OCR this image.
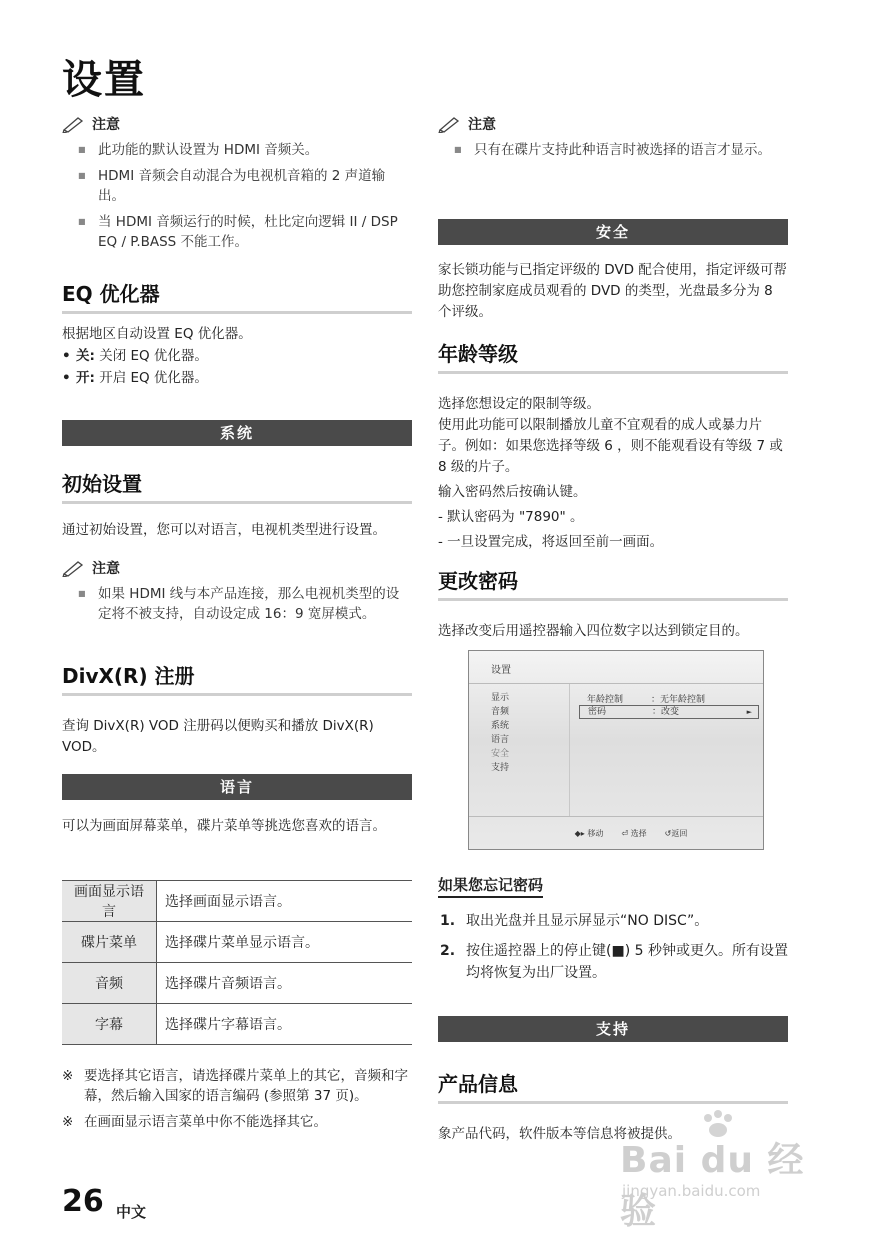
设置
注意
■ 此功能的默认设置为 HDMI 音频关。
■ HDMI 音频会自动混合为电视机音箱的 2 声道输出。
■ 当 HDMI 音频运行的时候，杜比定向逻辑 II / DSP EQ / P.BASS 不能工作。
EQ 优化器
根据地区自动设置 EQ 优化器。
• 关: 关闭 EQ 优化器。
• 开: 开启 EQ 优化器。
系统
初始设置
通过初始设置，您可以对语言，电视机类型进行设置。
注意
■ 如果 HDMI 线与本产品连接，那么电视机类型的设定将不被支持，自动设定成 16：9 宽屏模式。
DivX(R) 注册
查询 DivX(R) VOD 注册码以便购买和播放 DivX(R) VOD。
语言
可以为画面屏幕菜单，碟片菜单等挑选您喜欢的语言。
画面显示语言	选择画面显示语言。
碟片菜单	选择碟片菜单显示语言。
音频	选择碟片音频语言。
字幕	选择碟片字幕语言。
※ 要选择其它语言，请选择碟片菜单上的其它，音频和字幕，然后输入国家的语言编码 (参照第 37 页)。
※ 在画面显示语言菜单中你不能选择其它。
注意
■ 只有在碟片支持此种语言时被选择的语言才显示。
安全
家长锁功能与已指定评级的 DVD 配合使用，指定评级可帮助您控制家庭成员观看的 DVD 的类型，光盘最多分为 8 个评级。
年龄等级
选择您想设定的限制等级。
使用此功能可以限制播放儿童不宜观看的成人或暴力片子。例如：如果您选择等级 6 ，则不能观看设有等级 7 或 8 级的片子。
输入密码然后按确认键。
- 默认密码为 "7890" 。
- 一旦设置完成，将返回至前一画面。
更改密码
选择改变后用遥控器输入四位数字以达到锁定目的。
设置
显示
音频
系统
语言
安全
支持
年龄控制	：无年龄控制
密码	：改变	►
◆▸ 移动 ⏎ 选择 ↺返回
如果您忘记密码
1. 取出光盘并且显示屏显示“NO DISC”。
2. 按住遥控器上的停止键(■) 5 秒钟或更久。所有设置均将恢复为出厂设置。
支持
产品信息
象产品代码，软件版本等信息将被提供。
Bai du 经验
jingyan.baidu.com
26 中文
